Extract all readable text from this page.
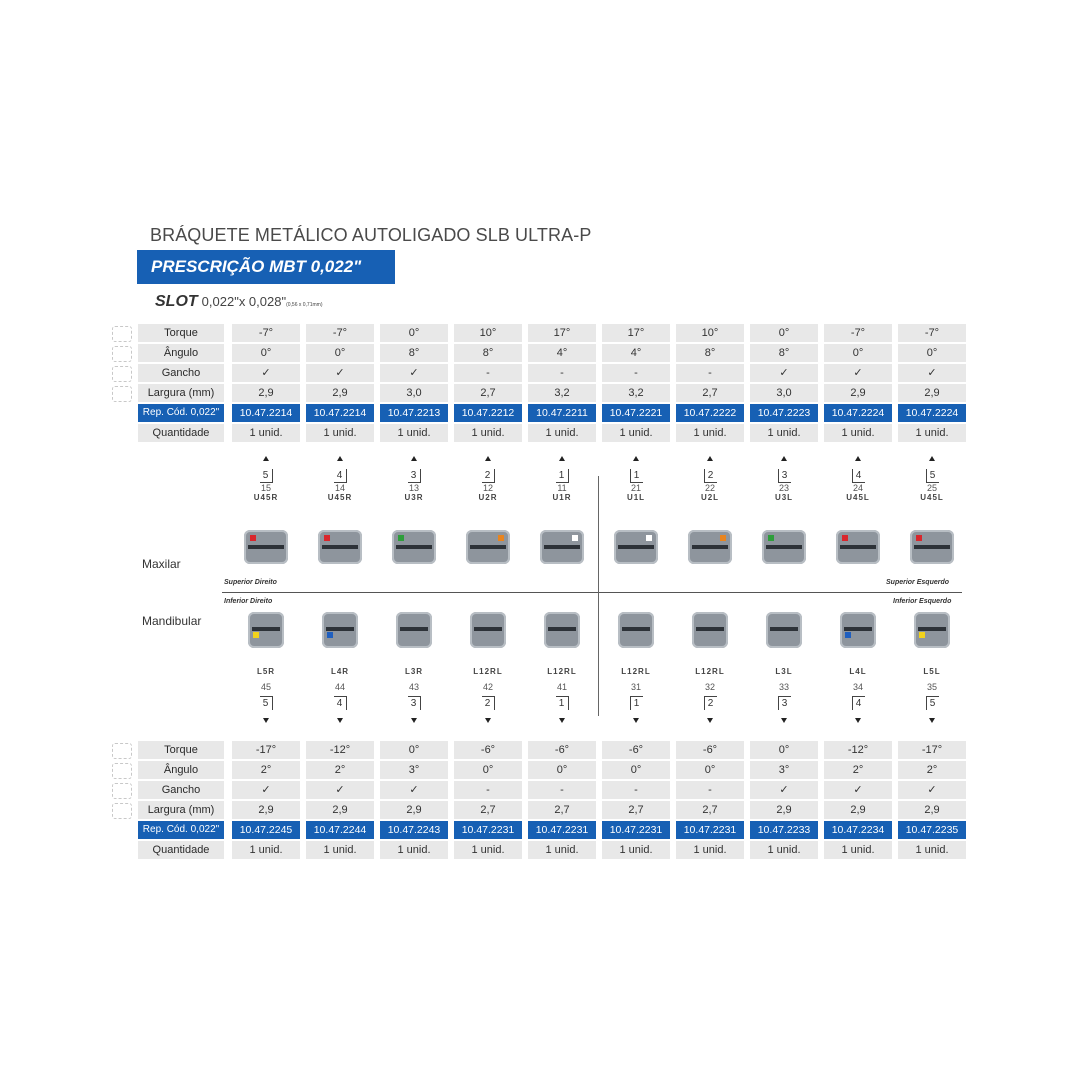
BRÁQUETE METÁLICO AUTOLIGADO SLB ULTRA-P
PRESCRIÇÃO MBT 0,022"
SLOT 0,022"x 0,028"(0,56 x 0,71mm)
Torque	-7°	-7°	0°	10°	17°	17°	10°	0°	-7°	-7°
Ângulo	0°	0°	8°	8°	4°	4°	8°	8°	0°	0°
Gancho	✓	✓	✓	-	-	-	-	✓	✓	✓
Largura (mm)	2,9	2,9	3,0	2,7	3,2	3,2	2,7	3,0	2,9	2,9
Rep. Cód. 0,022"	10.47.2214	10.47.2214	10.47.2213	10.47.2212	10.47.2211	10.47.2221	10.47.2222	10.47.2223	10.47.2224	10.47.2224
Quantidade	1 unid.	1 unid.	1 unid.	1 unid.	1 unid.	1 unid.	1 unid.	1 unid.	1 unid.	1 unid.
Torque	-17°	-12°	0°	-6°	-6°	-6°	-6°	0°	-12°	-17°
Ângulo	2°	2°	3°	0°	0°	0°	0°	3°	2°	2°
Gancho	✓	✓	✓	-	-	-	-	✓	✓	✓
Largura (mm)	2,9	2,9	2,9	2,7	2,7	2,7	2,7	2,9	2,9	2,9
Rep. Cód. 0,022"	10.47.2245	10.47.2244	10.47.2243	10.47.2231	10.47.2231	10.47.2231	10.47.2231	10.47.2233	10.47.2234	10.47.2235
Quantidade	1 unid.	1 unid.	1 unid.	1 unid.	1 unid.	1 unid.	1 unid.	1 unid.	1 unid.	1 unid.
5
15
U45R
L5R
45
5
4
14
U45R
L4R
44
4
3
13
U3R
L3R
43
3
2
12
U2R
L12RL
42
2
1
11
U1R
L12RL
41
1
1
21
U1L
L12RL
31
1
2
22
U2L
L12RL
32
2
3
23
U3L
L3L
33
3
4
24
U45L
L4L
34
4
5
25
U45L
L5L
35
5
Maxilar
Mandibular
Superior Direito	Superior Esquerdo
Inferior Direito	Inferior Esquerdo
